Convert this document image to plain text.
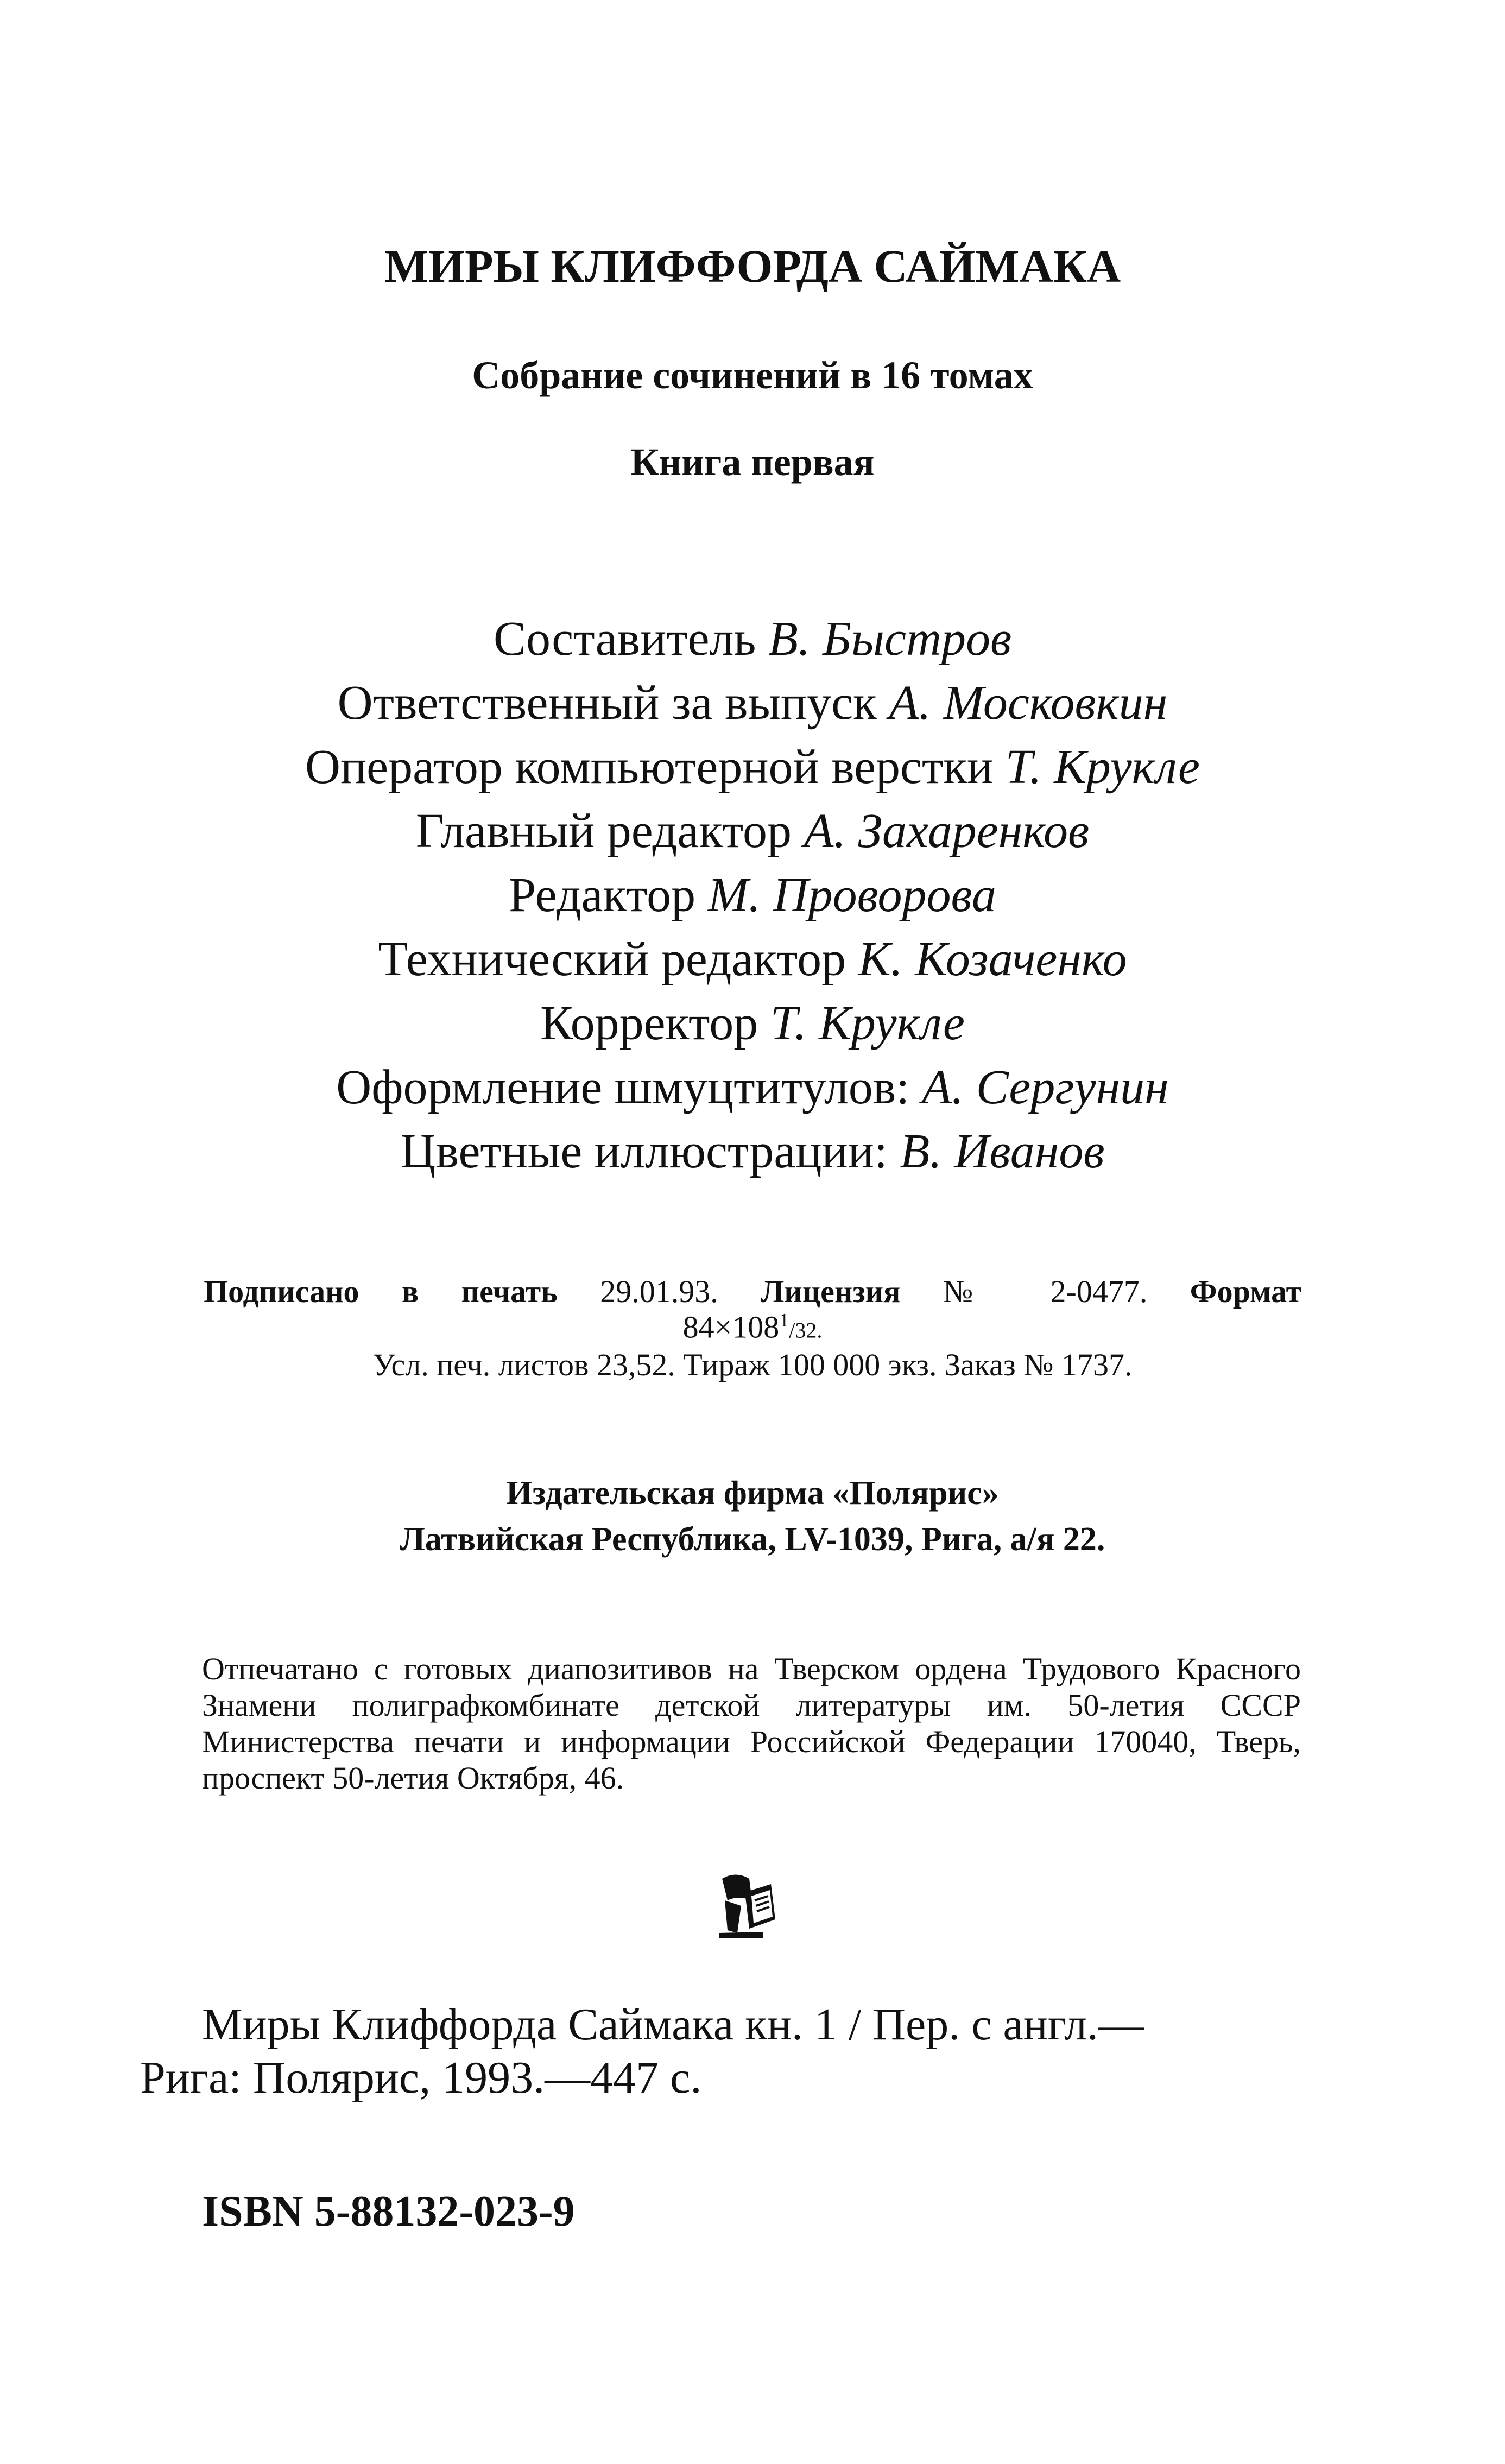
МИРЫ КЛИФФОРДА САЙМАКА
Собрание сочинений в 16 томах
Книга первая
Составитель В. Быстров
Ответственный за выпуск А. Московкин
Оператор компьютерной верстки Т. Крукле
Главный редактор А. Захаренков
Редактор М. Проворова
Технический редактор К. Козаченко
Корректор Т. Крукле
Оформление шмуцтитулов: А. Сергунин
Цветные иллюстрации: В. Иванов
Подписано в печать 29.01.93. Лицензия № 2-0477. Формат
$84\times 108^1/32$.
Усл. печ. листов 23,52. Тираж 100 000 экз. Заказ № 1737.
Издательская фирма «Полярис»
Латвийская Республика, LV-1039, Рига, а/я 22.
Отпечатано с готовых диапозитивов на Тверском ордена Трудового Красного Знамени полиграфкомбинате детской литературы им. 50-летия СССР Министерства печати и информации Российской Федерации 170040, Тверь, проспект 50-летия Октября, 46.
Миры Клиффорда Саймака кн. 1 / Пер. с англ.—
Рига: Полярис, 1993.—447 с.
ISBN 5-88132-023-9
